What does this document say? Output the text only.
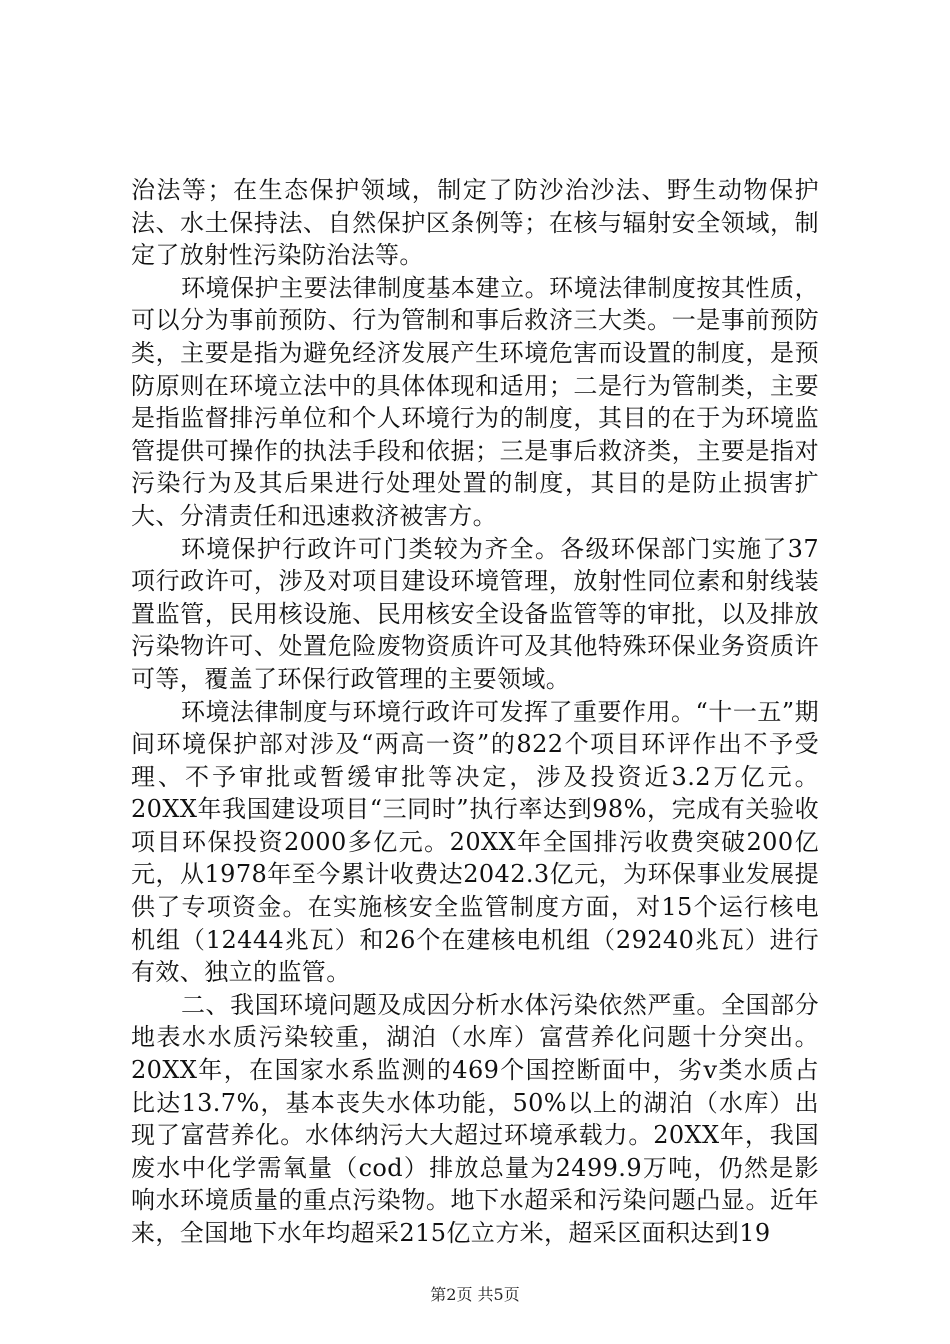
治法等；在生态保护领域，制定了防沙治沙法、野生动物保护法、水土保持法、自然保护区条例等；在核与辐射安全领域，制定了放射性污染防治法等。

环境保护主要法律制度基本建立。环境法律制度按其性质，可以分为事前预防、行为管制和事后救济三大类。一是事前预防类，主要是指为避免经济发展产生环境危害而设置的制度，是预防原则在环境立法中的具体体现和适用；二是行为管制类，主要是指监督排污单位和个人环境行为的制度，其目的在于为环境监管提供可操作的执法手段和依据；三是事后救济类，主要是指对污染行为及其后果进行处理处置的制度，其目的是防止损害扩大、分清责任和迅速救济被害方。

环境保护行政许可门类较为齐全。各级环保部门实施了37项行政许可，涉及对项目建设环境管理，放射性同位素和射线装置监管，民用核设施、民用核安全设备监管等的审批，以及排放污染物许可、处置危险废物资质许可及其他特殊环保业务资质许可等，覆盖了环保行政管理的主要领域。

环境法律制度与环境行政许可发挥了重要作用。“十一五”期间环境保护部对涉及“两高一资”的822个项目环评作出不予受理、不予审批或暂缓审批等决定，涉及投资近3.2万亿元。20XX年我国建设项目“三同时”执行率达到98%，完成有关验收项目环保投资2000多亿元。20XX年全国排污收费突破200亿元，从1978年至今累计收费达2042.3亿元，为环保事业发展提供了专项资金。在实施核安全监管制度方面，对15个运行核电机组（12444兆瓦）和26个在建核电机组（29240兆瓦）进行有效、独立的监管。

二、我国环境问题及成因分析水体污染依然严重。全国部分地表水水质污染较重，湖泊（水库）富营养化问题十分突出。20XX年，在国家水系监测的469个国控断面中，劣v类水质占比达13.7%，基本丧失水体功能，50%以上的湖泊（水库）出现了富营养化。水体纳污大大超过环境承载力。20XX年，我国废水中化学需氧量（cod）排放总量为2499.9万吨，仍然是影响水环境质量的重点污染物。地下水超采和污染问题凸显。近年来，全国地下水年均超采215亿立方米，超采区面积达到19

第2页 共5页
